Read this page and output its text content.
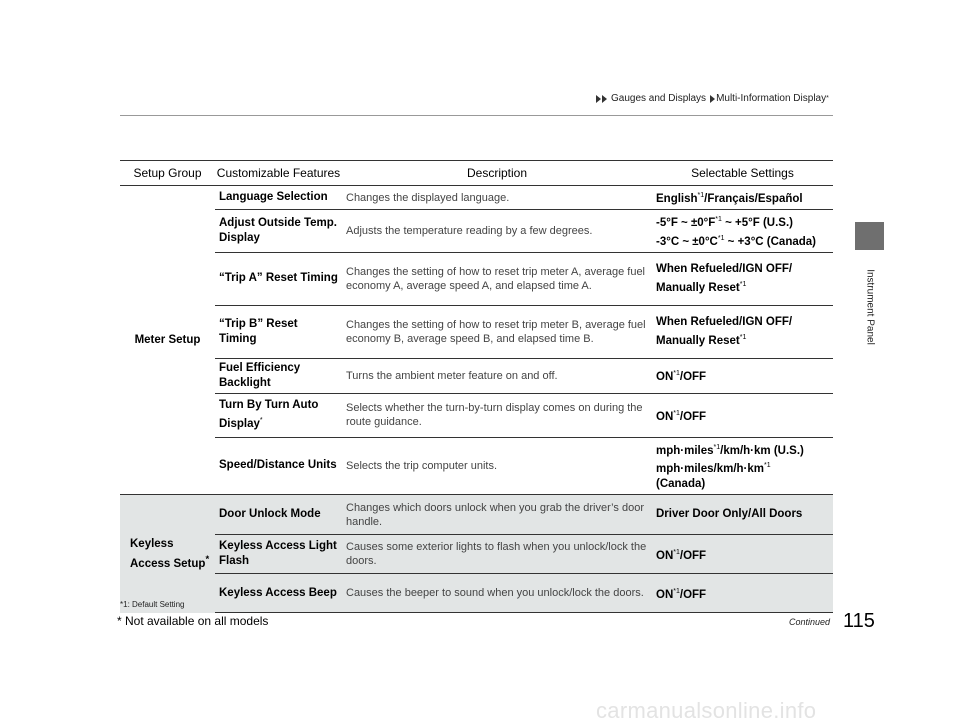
Gauges and Displays Multi-Information Display *
Instrument Panel
Setup Group	Customizable Features	Description	Selectable Settings
Meter Setup	Language Selection	Changes the displayed language.	English$^{*1}$/Français/Español

	Adjust Outside Temp. Display	Adjusts the temperature reading by a few degrees.	-5°F ~ $\pm 0^\circ F^{*1}$ ~ +5°F (U.S.)
-3°C ~ $\pm 0^\circ C^{*1}$ ~ +3°C (Canada)

	“Trip A” Reset Timing	Changes the setting of how to reset trip meter A, average fuel economy A, average speed A, and elapsed time A.	When Refueled/IGN OFF/
Manually Reset$^{*1}$

	“Trip B” Reset Timing	Changes the setting of how to reset trip meter B, average fuel economy B, average speed B, and elapsed time B.	When Refueled/IGN OFF/
Manually Reset$^{*1}$

	Fuel Efficiency Backlight	Turns the ambient meter feature on and off.	ON$^{*1}$/OFF

	Turn By Turn Auto Display*	Selects whether the turn-by-turn display comes on during the route guidance.	ON$^{*1}$/OFF

	Speed/Distance Units	Selects the trip computer units.	mph·miles$^{*1}$/km/h·km (U.S.)
$mph\cdot miles/km/h\cdot km^{*1}$
(Canada)

Keyless Access Setup*	Door Unlock Mode	Changes which doors unlock when you grab the driver’s door handle.	Driver Door Only/All Doors

	Keyless Access Light Flash	Causes some exterior lights to flash when you unlock/lock the doors.	ON$^{*1}$/OFF

	Keyless Access Beep	Causes the beeper to sound when you unlock/lock the doors.	ON$^{*1}$/OFF
*1: Default Setting
* Not available on all models	Continued 115
carmanualsonline.info
